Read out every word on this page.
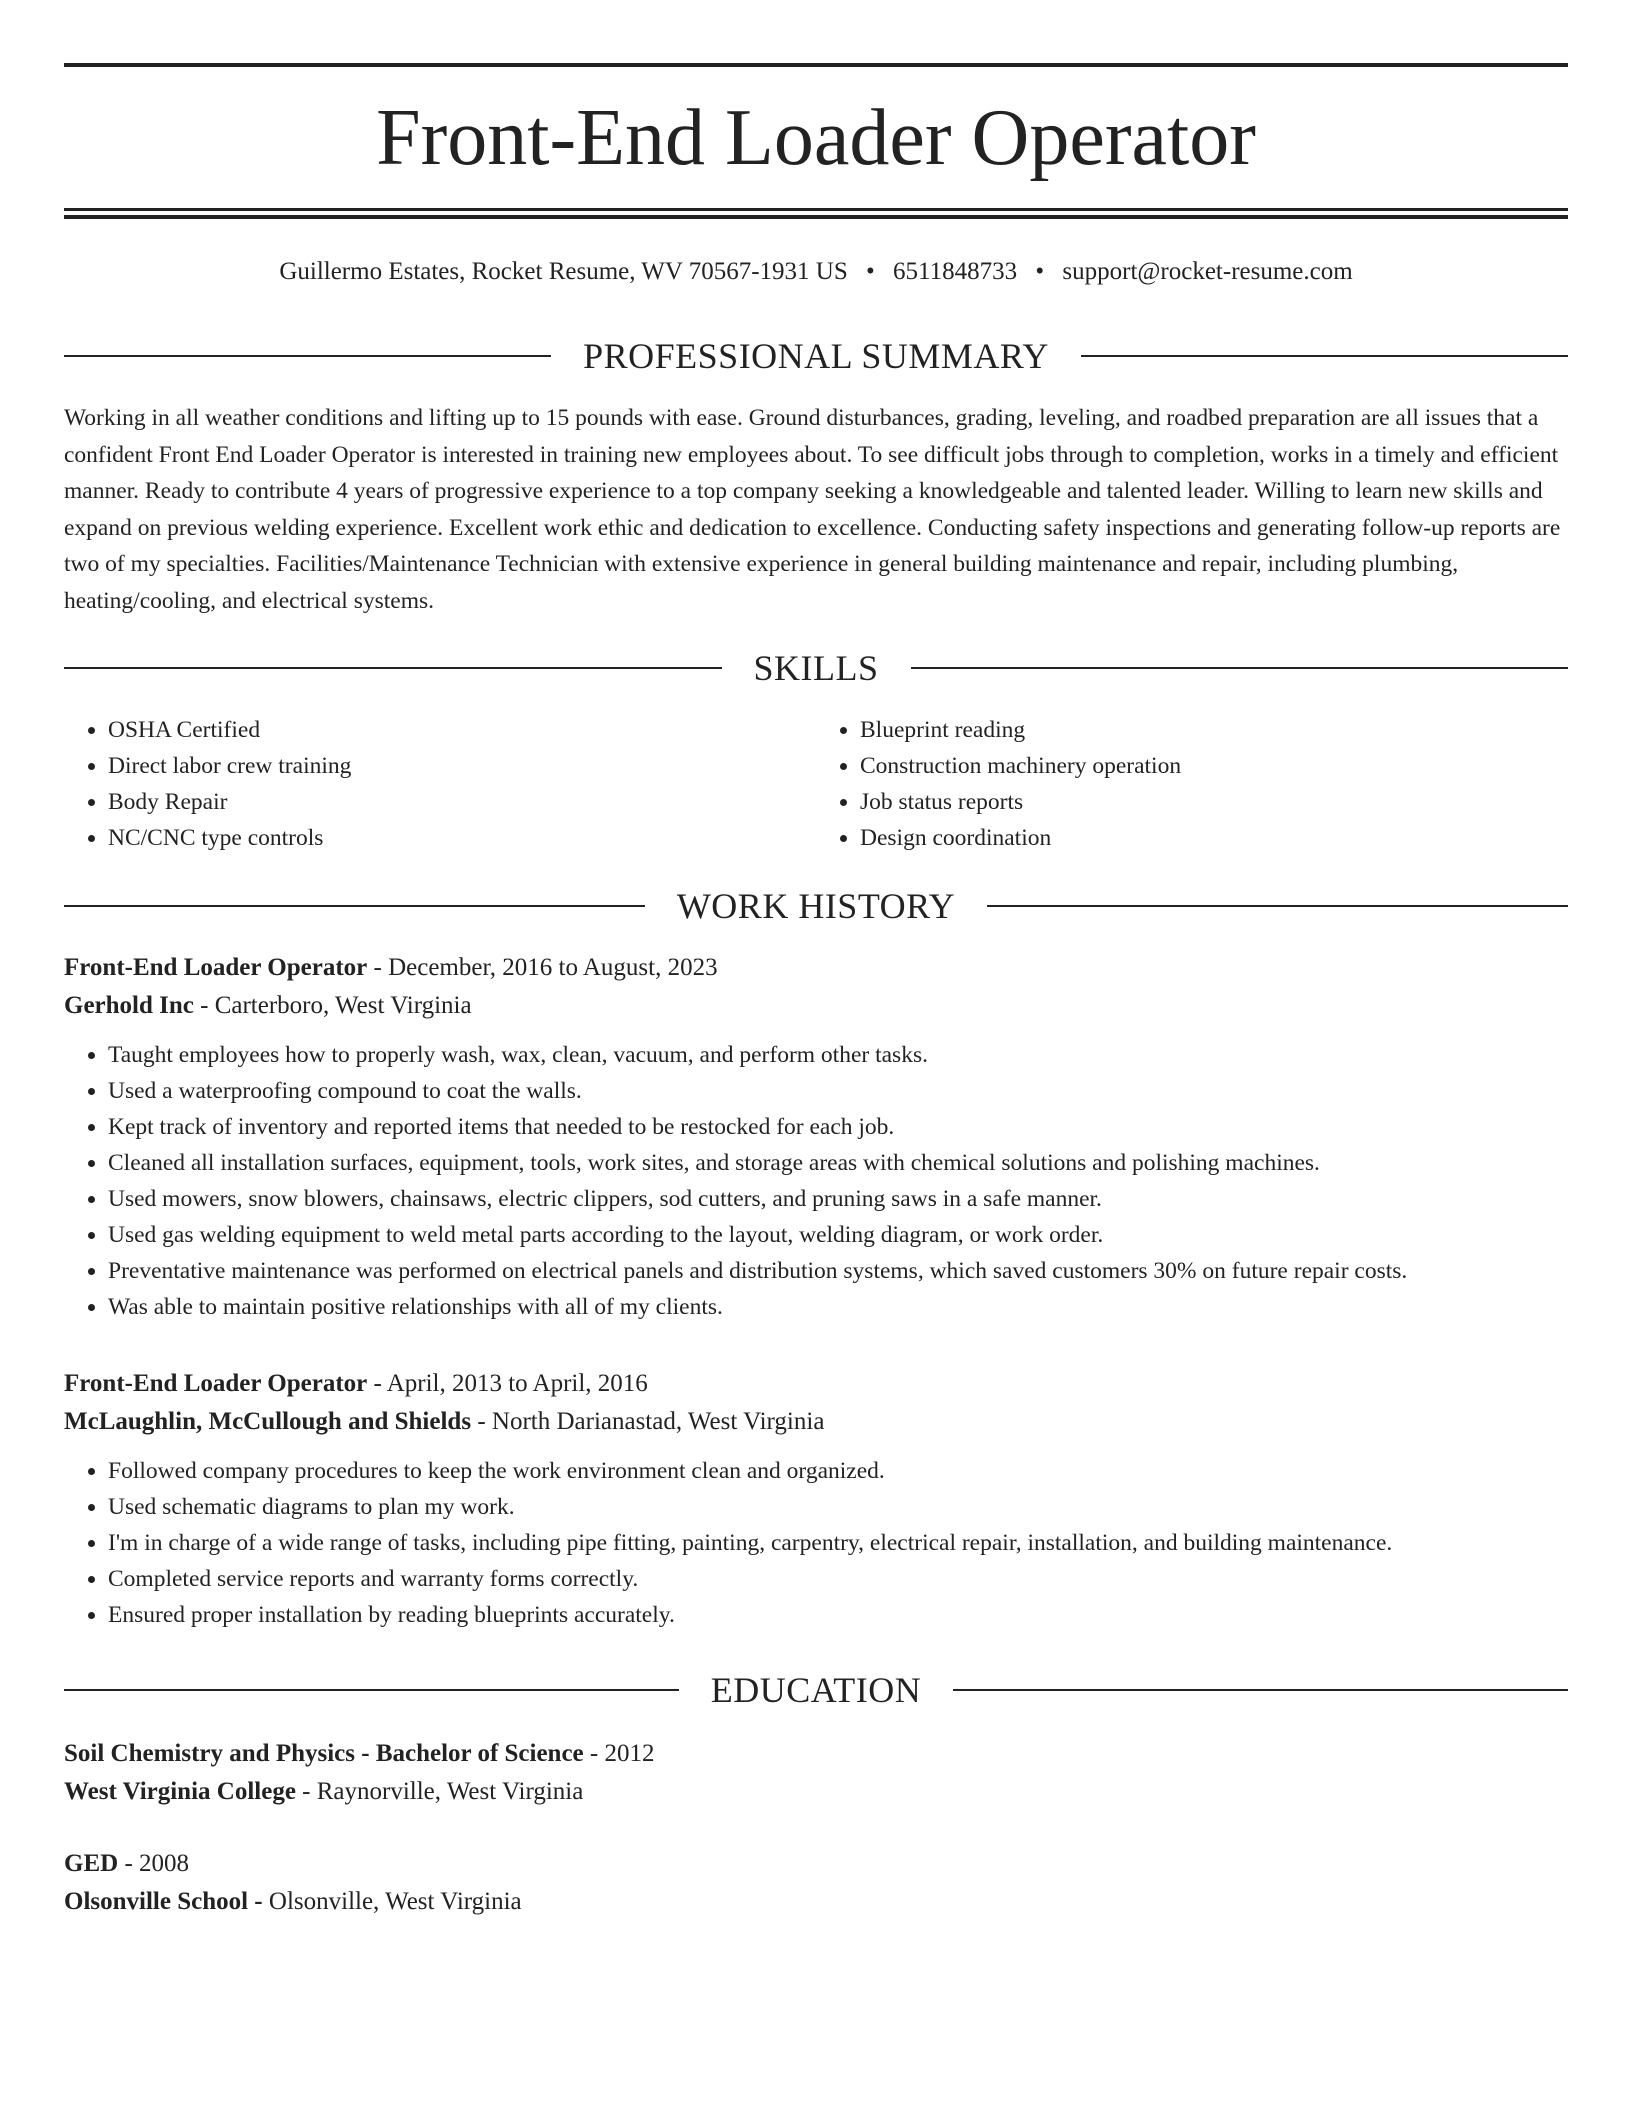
Front-End Loader Operator
Guillermo Estates, Rocket Resume, WV 70567-1931 US • 6511848733 • support@rocket-resume.com
PROFESSIONAL SUMMARY

Working in all weather conditions and lifting up to 15 pounds with ease. Ground disturbances, grading, leveling, and roadbed preparation are all issues that a confident Front End Loader Operator is interested in training new employees about. To see difficult jobs through to completion, works in a timely and efficient manner. Ready to contribute 4 years of progressive experience to a top company seeking a knowledgeable and talented leader. Willing to learn new skills and expand on previous welding experience. Excellent work ethic and dedication to excellence. Conducting safety inspections and generating follow-up reports are two of my specialties. Facilities/Maintenance Technician with extensive experience in general building maintenance and repair, including plumbing, heating/cooling, and electrical systems.

SKILLS
• OSHA Certified
• Direct labor crew training
• Body Repair
• NC/CNC type controls
• Blueprint reading
• Construction machinery operation
• Job status reports
• Design coordination
WORK HISTORY
Front-End Loader Operator - December, 2016 to August, 2023
Gerhold Inc - Carterboro, West Virginia
• Taught employees how to properly wash, wax, clean, vacuum, and perform other tasks.
• Used a waterproofing compound to coat the walls.
• Kept track of inventory and reported items that needed to be restocked for each job.
• Cleaned all installation surfaces, equipment, tools, work sites, and storage areas with chemical solutions and polishing machines.
• Used mowers, snow blowers, chainsaws, electric clippers, sod cutters, and pruning saws in a safe manner.
• Used gas welding equipment to weld metal parts according to the layout, welding diagram, or work order.
• Preventative maintenance was performed on electrical panels and distribution systems, which saved customers 30% on future repair costs.
• Was able to maintain positive relationships with all of my clients.
Front-End Loader Operator - April, 2013 to April, 2016
McLaughlin, McCullough and Shields - North Darianastad, West Virginia
• Followed company procedures to keep the work environment clean and organized.
• Used schematic diagrams to plan my work.
• I'm in charge of a wide range of tasks, including pipe fitting, painting, carpentry, electrical repair, installation, and building maintenance.
• Completed service reports and warranty forms correctly.
• Ensured proper installation by reading blueprints accurately.
EDUCATION
Soil Chemistry and Physics - Bachelor of Science - 2012
West Virginia College - Raynorville, West Virginia
GED - 2008
Olsonville School - Olsonville, West Virginia
